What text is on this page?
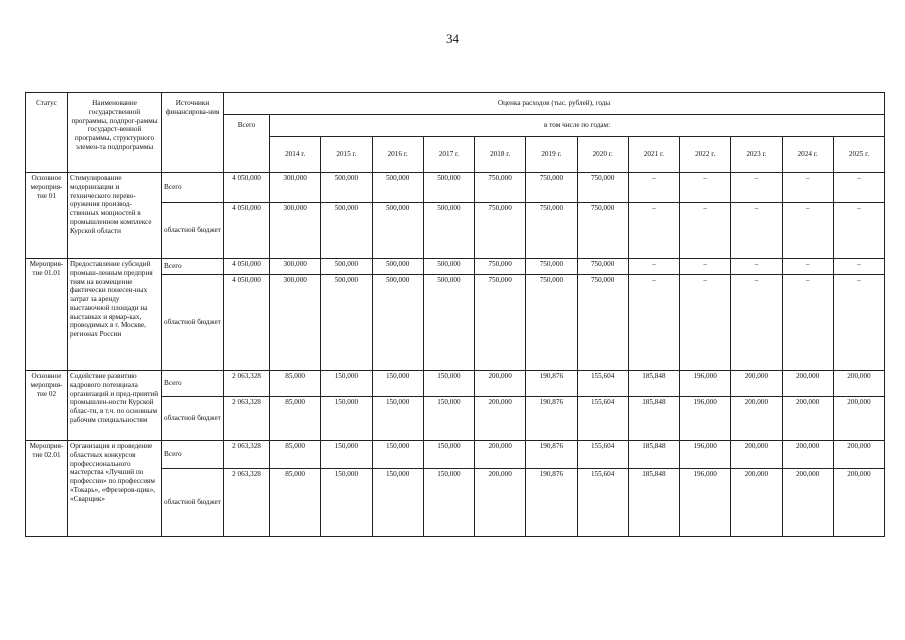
34
Статус	Наименование государственной программы, подпрог-раммы государст-венной программы, структурного элемен-та подпрограммы	Источники финансирова-ния	Оценка расходов (тыс. рублей), годы												
			Всего	в том числе по годам:											
				2014 г.	2015 г.	2016 г.	2017 г.	2018 г.	2019 г.	2020 г.	2021 г.	2022 г.	2023 г.	2024 г.	2025 г.
Основное мероприя-тие 01	Стимулирование модернизации и технического перево-оружения производ-ственных мощностей в промышленном комплексе Курской области	Всего	4 050,000	300,000	500,000	500,000	500,000	750,000	750,000	750,000	–	–	–	–	–
		областной бюджет	4 050,000	300,000	500,000	500,000	500,000	750,000	750,000	750,000	–	–	–	–	–
Мероприя-тие 01.01	Предоставление субсидий промыш-ленным предприя тиям на возмещение фактически понесен-ных затрат за аренду выставочной площади на выставках и ярмар-ках, проводимых в г. Москве, регионах России	Всего	4 050,000	300,000	500,000	500,000	500,000	750,000	750,000	750,000	–	–	–	–	–
		областной бюджет	4 050,000	300,000	500,000	500,000	500,000	750,000	750,000	750,000	–	–	–	–	–
Основное мероприя-тие 02	Содействие развитию кадрового потенциала организаций и пред-приятий промышлен-ности Курской облас-ти, в т.ч. по основным рабочим специальностям	Всего	2 063,328	85,000	150,000	150,000	150,000	200,000	190,876	155,604	185,848	196,000	200,000	200,000	200,000
		областной бюджет	2 063,328	85,000	150,000	150,000	150,000	200,000	190,876	155,604	185,848	196,000	200,000	200,000	200,000
Мероприя-тие 02.01	Организация и проведение областных конкурсов профессионального мастерства «Лучший по профессии» по профессиям «Токарь», «Фрезеров-щик», «Сварщик»	Всего	2 063,328	85,000	150,000	150,000	150,000	200,000	190,876	155,604	185,848	196,000	200,000	200,000	200,000
		областной бюджет	2 063,328	85,000	150,000	150,000	150,000	200,000	190,876	155,604	185,848	196,000	200,000	200,000	200,000
